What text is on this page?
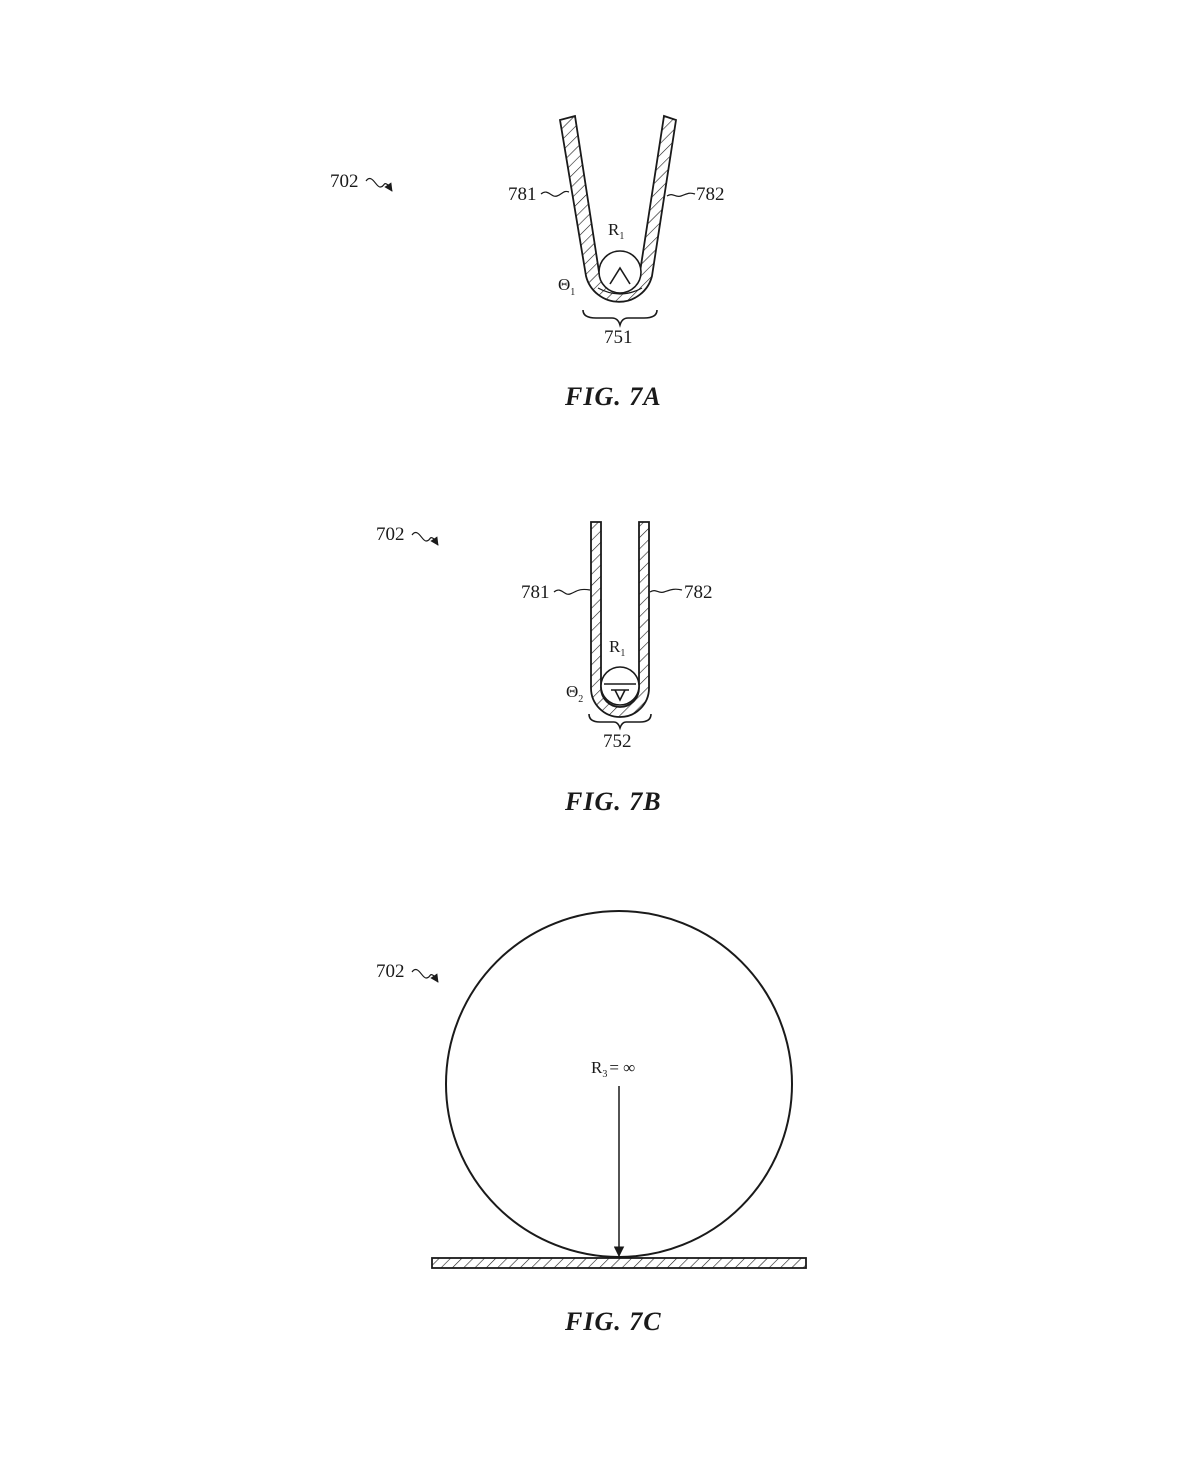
702
781	782
$R_1$
$\Theta_1$
751
FIG. 7A
702
781	782
$R_1$
$\Theta_2$
752
FIG. 7B
702
$R_3$ = ∞
FIG. 7C
